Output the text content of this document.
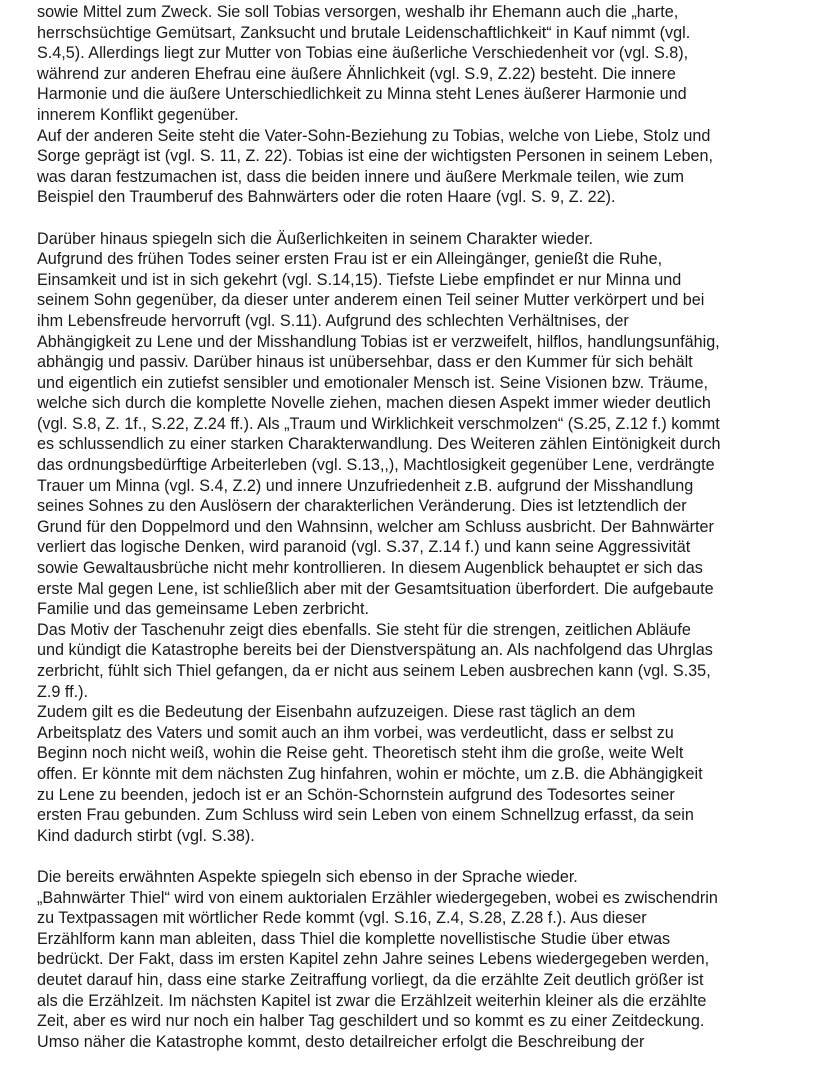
sowie Mittel zum Zweck. Sie soll Tobias versorgen, weshalb ihr Ehemann auch die „harte,
herrschsüchtige Gemütsart, Zanksucht und brutale Leidenschaftlichkeit“ in Kauf nimmt (vgl.
S.4,5). Allerdings liegt zur Mutter von Tobias eine äußerliche Verschiedenheit vor (vgl. S.8),
während zur anderen Ehefrau eine äußere Ähnlichkeit (vgl. S.9, Z.22) besteht. Die innere
Harmonie und die äußere Unterschiedlichkeit zu Minna steht Lenes äußerer Harmonie und
innerem Konflikt gegenüber.
Auf der anderen Seite steht die Vater-Sohn-Beziehung zu Tobias, welche von Liebe, Stolz und
Sorge geprägt ist (vgl. S. 11, Z. 22). Tobias ist eine der wichtigsten Personen in seinem Leben,
was daran festzumachen ist, dass die beiden innere und äußere Merkmale teilen, wie zum
Beispiel den Traumberuf des Bahnwärters oder die roten Haare (vgl. S. 9, Z. 22).
Darüber hinaus spiegeln sich die Äußerlichkeiten in seinem Charakter wieder.
Aufgrund des frühen Todes seiner ersten Frau ist er ein Alleingänger, genießt die Ruhe,
Einsamkeit und ist in sich gekehrt (vgl. S.14,15). Tiefste Liebe empfindet er nur Minna und
seinem Sohn gegenüber, da dieser unter anderem einen Teil seiner Mutter verkörpert und bei
ihm Lebensfreude hervorruft (vgl. S.11). Aufgrund des schlechten Verhältnises, der
Abhängigkeit zu Lene und der Misshandlung Tobias ist er verzweifelt, hilflos, handlungsunfähig,
abhängig und passiv. Darüber hinaus ist unübersehbar, dass er den Kummer für sich behält
und eigentlich ein zutiefst sensibler und emotionaler Mensch ist. Seine Visionen bzw. Träume,
welche sich durch die komplette Novelle ziehen, machen diesen Aspekt immer wieder deutlich
(vgl. S.8, Z. 1f., S.22, Z.24 ff.). Als „Traum und Wirklichkeit verschmolzen“ (S.25, Z.12 f.) kommt
es schlussendlich zu einer starken Charakterwandlung. Des Weiteren zählen Eintönigkeit durch
das ordnungsbedürftige Arbeiterleben (vgl. S.13,,), Machtlosigkeit gegenüber Lene, verdrängte
Trauer um Minna (vgl. S.4, Z.2) und innere Unzufriedenheit z.B. aufgrund der Misshandlung
seines Sohnes zu den Auslösern der charakterlichen Veränderung. Dies ist letztendlich der
Grund für den Doppelmord und den Wahnsinn, welcher am Schluss ausbricht. Der Bahnwärter
verliert das logische Denken, wird paranoid (vgl. S.37, Z.14 f.) und kann seine Aggressivität
sowie Gewaltausbrüche nicht mehr kontrollieren. In diesem Augenblick behauptet er sich das
erste Mal gegen Lene, ist schließlich aber mit der Gesamtsituation überfordert. Die aufgebaute
Familie und das gemeinsame Leben zerbricht.
Das Motiv der Taschenuhr zeigt dies ebenfalls. Sie steht für die strengen, zeitlichen Abläufe
und kündigt die Katastrophe bereits bei der Dienstverspätung an. Als nachfolgend das Uhrglas
zerbricht, fühlt sich Thiel gefangen, da er nicht aus seinem Leben ausbrechen kann (vgl. S.35,
Z.9 ff.).
Zudem gilt es die Bedeutung der Eisenbahn aufzuzeigen. Diese rast täglich an dem
Arbeitsplatz des Vaters und somit auch an ihm vorbei, was verdeutlicht, dass er selbst zu
Beginn noch nicht weiß, wohin die Reise geht. Theoretisch steht ihm die große, weite Welt
offen. Er könnte mit dem nächsten Zug hinfahren, wohin er möchte, um z.B. die Abhängigkeit
zu Lene zu beenden, jedoch ist er an Schön-Schornstein aufgrund des Todesortes seiner
ersten Frau gebunden. Zum Schluss wird sein Leben von einem Schnellzug erfasst, da sein
Kind dadurch stirbt (vgl. S.38).
Die bereits erwähnten Aspekte spiegeln sich ebenso in der Sprache wieder.
„Bahnwärter Thiel“ wird von einem auktorialen Erzähler wiedergegeben, wobei es zwischendrin
zu Textpassagen mit wörtlicher Rede kommt (vgl. S.16, Z.4, S.28, Z.28 f.). Aus dieser
Erzählform kann man ableiten, dass Thiel die komplette novellistische Studie über etwas
bedrückt. Der Fakt, dass im ersten Kapitel zehn Jahre seines Lebens wiedergegeben werden,
deutet darauf hin, dass eine starke Zeitraffung vorliegt, da die erzählte Zeit deutlich größer ist
als die Erzählzeit. Im nächsten Kapitel ist zwar die Erzählzeit weiterhin kleiner als die erzählte
Zeit, aber es wird nur noch ein halber Tag geschildert und so kommt es zu einer Zeitdeckung.
Umso näher die Katastrophe kommt, desto detailreicher erfolgt die Beschreibung der
